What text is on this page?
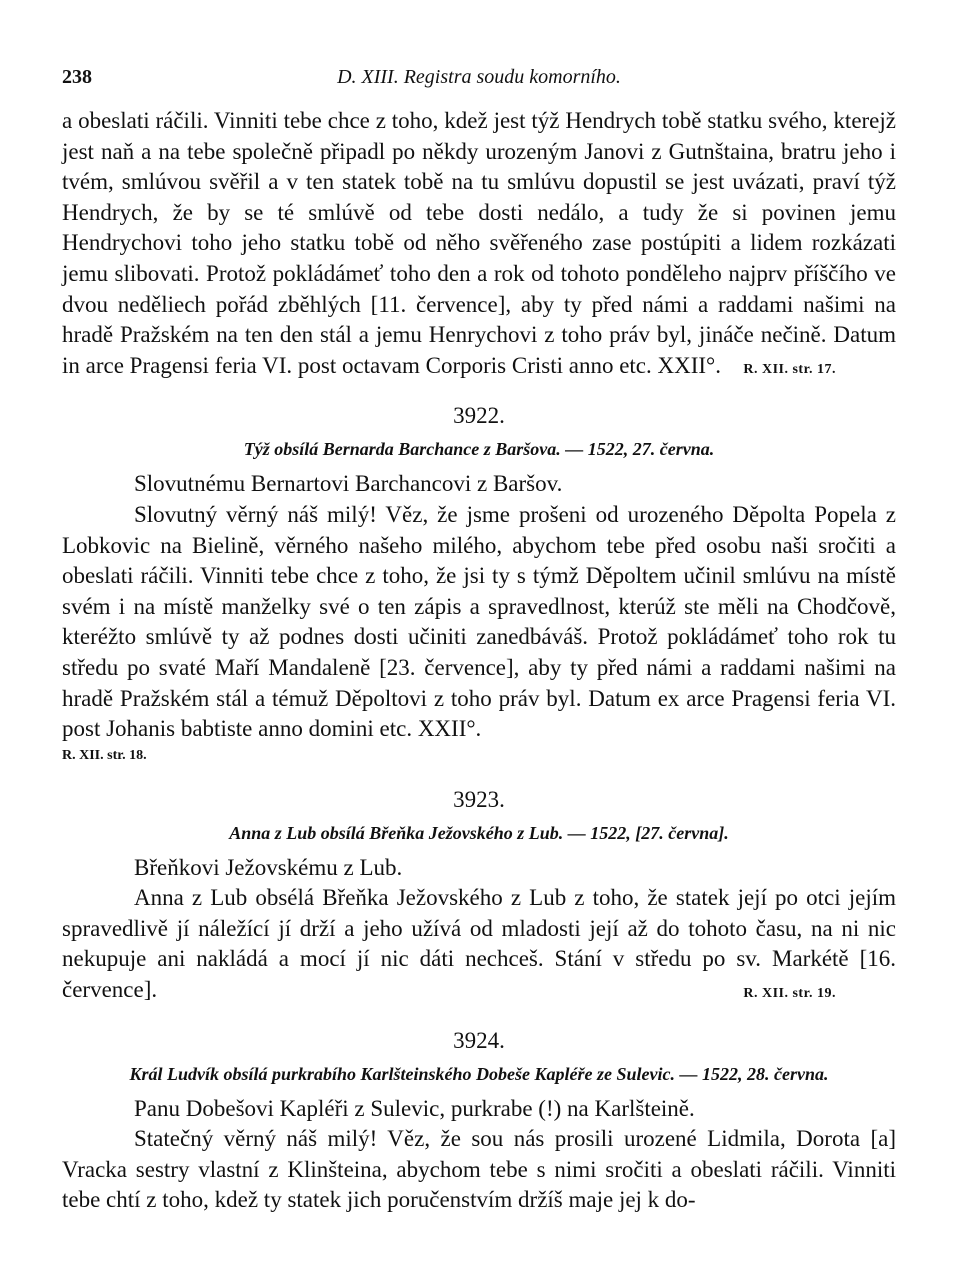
238	D. XIII. Registra soudu komorního.

a obeslati ráčili. Vinniti tebe chce z toho, kdež jest týž Hendrych tobě statku svého, kterejž jest naň a na tebe společně připadl po někdy urozeným Janovi z Gutnštaina, bratru jeho i tvém, smlúvou svěřil a v ten statek tobě na tu smlúvu dopustil se jest uvázati, praví týž Hendrych, že by se té smlúvě od tebe dosti nedálo, a tudy že si povinen jemu Hendrychovi toho jeho statku tobě od něho svěřeného zase postúpiti a lidem rozkázati jemu slibovati. Protož pokládámeť toho den a rok od tohoto ponděleho najprv příščího ve dvou neděliech pořád zběhlých [11. července], aby ty před námi a raddami našimi na hradě Pražském na ten den stál a jemu Henrychovi z toho práv byl, jináče nečině. Datum in arce Pragensi feria VI. post octavam Corporis Cristi anno etc. XXII°. R. XII. str. 17.

3922.
Týž obsílá Bernarda Barchance z Baršova. — 1522, 27. června.

Slovutnému Bernartovi Barchancovi z Baršov.

Slovutný věrný náš milý! Věz, že jsme prošeni od urozeného Děpolta Popela z Lobkovic na Bielině, věrného našeho milého, abychom tebe před osobu naši sročiti a obeslati ráčili. Vinniti tebe chce z toho, že jsi ty s týmž Děpoltem učinil smlúvu na místě svém i na místě manželky své o ten zápis a spravedlnost, kterúž ste měli na Chodčově, kteréžto smlúvě ty až podnes dosti učiniti zanedbáváš. Protož pokládámeť toho rok tu středu po svaté Maří Mandaleně [23. července], aby ty před námi a raddami našimi na hradě Pražském stál a témuž Děpoltovi z toho práv byl. Datum ex arce Pragensi feria VI. post Johanis babtiste anno domini etc. XXII°.

R. XII. str. 18.
3923.
Anna z Lub obsílá Břeňka Ježovského z Lub. — 1522, [27. června].

Břeňkovi Ježovskému z Lub.

Anna z Lub obsélá Břeňka Ježovského z Lub z toho, že statek její po otci jejím spravedlivě jí náležící jí drží a jeho užívá od mladosti její až do tohoto času, na ni nic nekupuje ani nakládá a mocí jí nic dáti nechceš. Stání v středu po sv. Markétě [16. července].	R. XII. str. 19.

3924.
Král Ludvík obsílá purkrabího Karlšteinského Dobeše Kapléře ze Sulevic. — 1522, 28. června.

Panu Dobešovi Kapléři z Sulevic, purkrabe (!) na Karlšteině.

Statečný věrný náš milý! Věz, že sou nás prosili urozené Lidmila, Dorota [a] Vracka sestry vlastní z Klinšteina, abychom tebe s nimi sročiti a obeslati ráčili. Vinniti tebe chtí z toho, kdež ty statek jich poručenstvím držíš maje jej k do-
